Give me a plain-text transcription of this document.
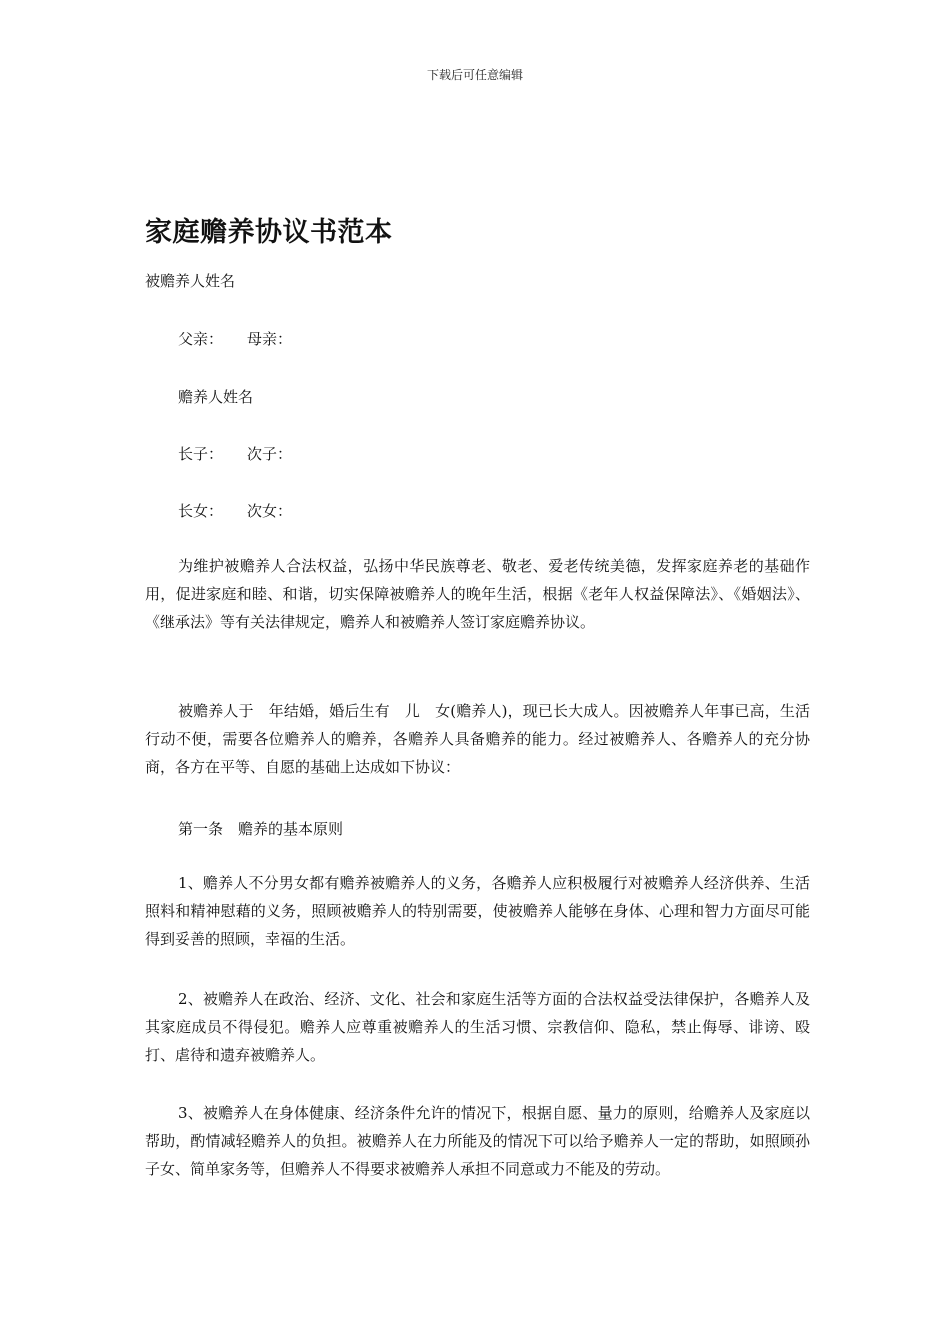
下载后可任意编辑
家庭赡养协议书范本
被赡养人姓名
父亲： 母亲：
赡养人姓名
长子： 次子：
长女： 次女：

为维护被赡养人合法权益，弘扬中华民族尊老、敬老、爱老传统美德，发挥家庭养老的基础作用，促进家庭和睦、和谐，切实保障被赡养人的晚年生活，根据《老年人权益保障法》、《婚姻法》、《继承法》等有关法律规定，赡养人和被赡养人签订家庭赡养协议。

被赡养人于　年结婚，婚后生有　儿　女(赡养人)，现已长大成人。因被赡养人年事已高，生活行动不便，需要各位赡养人的赡养，各赡养人具备赡养的能力。经过被赡养人、各赡养人的充分协商，各方在平等、自愿的基础上达成如下协议：

第一条　赡养的基本原则

1、赡养人不分男女都有赡养被赡养人的义务，各赡养人应积极履行对被赡养人经济供养、生活照料和精神慰藉的义务，照顾被赡养人的特别需要，使被赡养人能够在身体、心理和智力方面尽可能得到妥善的照顾，幸福的生活。

2、被赡养人在政治、经济、文化、社会和家庭生活等方面的合法权益受法律保护，各赡养人及其家庭成员不得侵犯。赡养人应尊重被赡养人的生活习惯、宗教信仰、隐私，禁止侮辱、诽谤、殴打、虐待和遗弃被赡养人。

3、被赡养人在身体健康、经济条件允许的情况下，根据自愿、量力的原则，给赡养人及家庭以帮助，酌情减轻赡养人的负担。被赡养人在力所能及的情况下可以给予赡养人一定的帮助，如照顾孙子女、简单家务等，但赡养人不得要求被赡养人承担不同意或力不能及的劳动。
